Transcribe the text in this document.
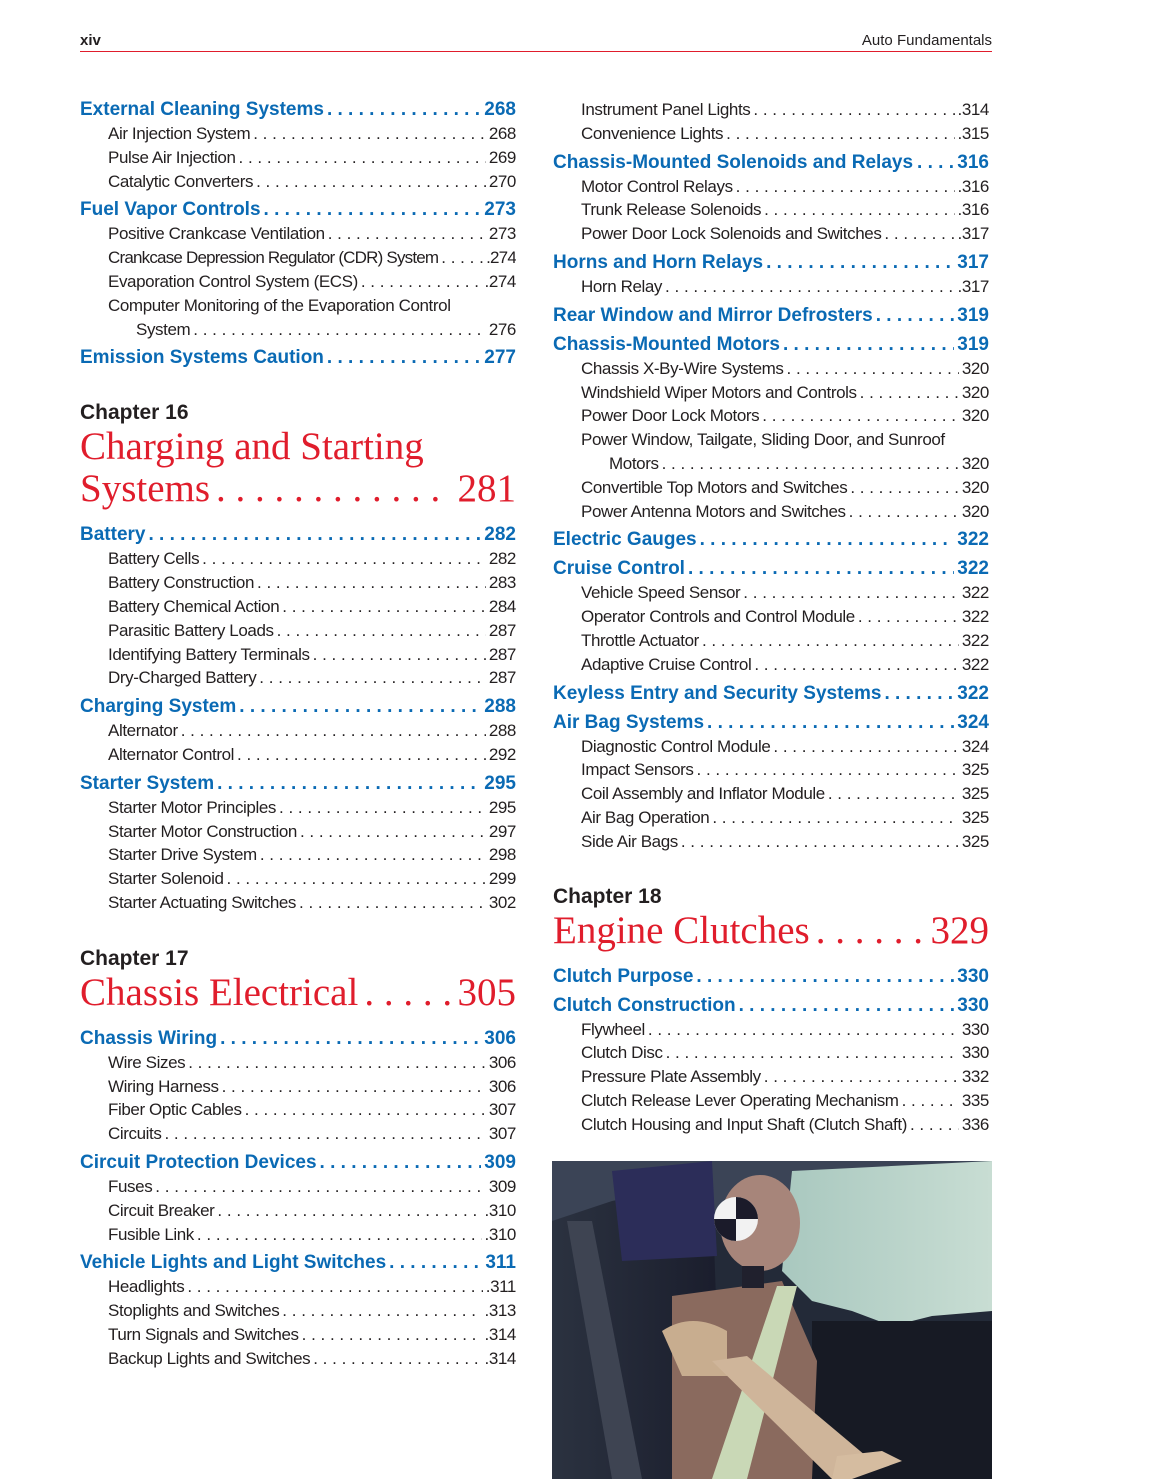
xiv	Auto Fundamentals
External Cleaning Systems . . .	268
Air Injection System . . .	268
Pulse Air Injection . . .	269
Catalytic Converters . . .	270
Fuel Vapor Controls . . .	273
Positive Crankcase Ventilation . . .	273
Crankcase Depression Regulator (CDR) System . . .	.274
Evaporation Control System (ECS) . . .	.274
Computer Monitoring of the Evaporation Control
System . . .	276
Emission Systems Caution . . .	277
Chapter 16
Charging and Starting
Systems . .	281
Battery . . .	282
Battery Cells . . .	282
Battery Construction . . .	283
Battery Chemical Action . . .	284
Parasitic Battery Loads . . .	287
Identifying Battery Terminals . . .	287
Dry-Charged Battery . . .	287
Charging System . . .	288
Alternator . . .	288
Alternator Control . . .	292
Starter System . . .	295
Starter Motor Principles . . .	295
Starter Motor Construction . . .	297
Starter Drive System . . .	298
Starter Solenoid . . .	299
Starter Actuating Switches . . .	302
Chapter 17
Chassis Electrical . .	305
Chassis Wiring . . .	306
Wire Sizes . . .	306
Wiring Harness . . .	306
Fiber Optic Cables . . .	307
Circuits . . .	307
Circuit Protection Devices . . .	309
Fuses . . .	309
Circuit Breaker . . .	.310
Fusible Link . . .	.310
Vehicle Lights and Light Switches . . .	311
Headlights . . .	.311
Stoplights and Switches . . .	.313
Turn Signals and Switches . . .	.314
Backup Lights and Switches . . .	.314
Instrument Panel Lights . . .	.314
Convenience Lights . . .	.315
Chassis-Mounted Solenoids and Relays . . . 316
Motor Control Relays . . .	.316
Trunk Release Solenoids . . .	.316
Power Door Lock Solenoids and Switches . . .	.317
Horns and Horn Relays . . .	317
Horn Relay . . .	.317
Rear Window and Mirror Defrosters . . .	319
Chassis-Mounted Motors . . .	319
Chassis X-By-Wire Systems . . .	320
Windshield Wiper Motors and Controls . . .	320
Power Door Lock Motors . . .	320
Power Window, Tailgate, Sliding Door, and Sunroof
Motors . . .	320
Convertible Top Motors and Switches . . .	320
Power Antenna Motors and Switches . . .	320
Electric Gauges . . .	322
Cruise Control . . .	322
Vehicle Speed Sensor . . .	322
Operator Controls and Control Module . . .	322
Throttle Actuator . . .	322
Adaptive Cruise Control . . .	322
Keyless Entry and Security Systems . . .	322
Air Bag Systems . . .	324
Diagnostic Control Module . . .	324
Impact Sensors . . .	325
Coil Assembly and Inflator Module . . .	325
Air Bag Operation . . .	325
Side Air Bags . . .	325
Chapter 18
Engine Clutches . .	329
Clutch Purpose . . .	330
Clutch Construction . . .	330
Flywheel . . .	330
Clutch Disc . . .	330
Pressure Plate Assembly . . .	332
Clutch Release Lever Operating Mechanism . . .	335
Clutch Housing and Input Shaft (Clutch Shaft) . . .	336
